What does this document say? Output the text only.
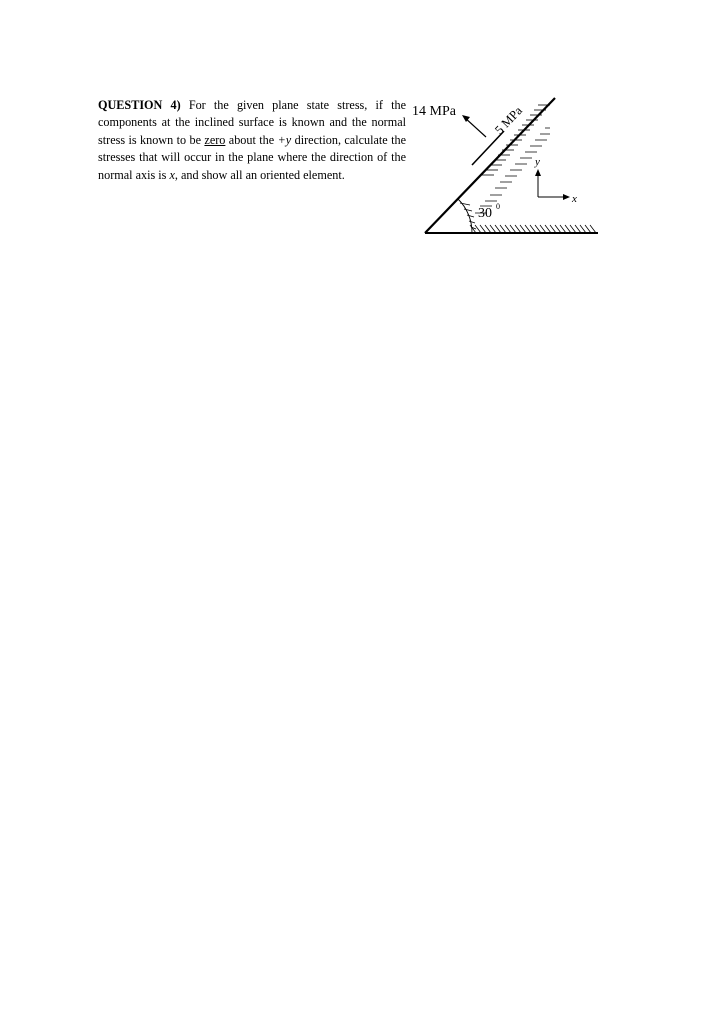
QUESTION 4) For the given plane state stress, if the components at the inclined surface is known and the normal stress is known to be zero about the +y direction, calculate the stresses that will occur in the plane where the direction of the normal axis is x, and show all an oriented element.
30 0
14 MPa	5 MPa
y
x
